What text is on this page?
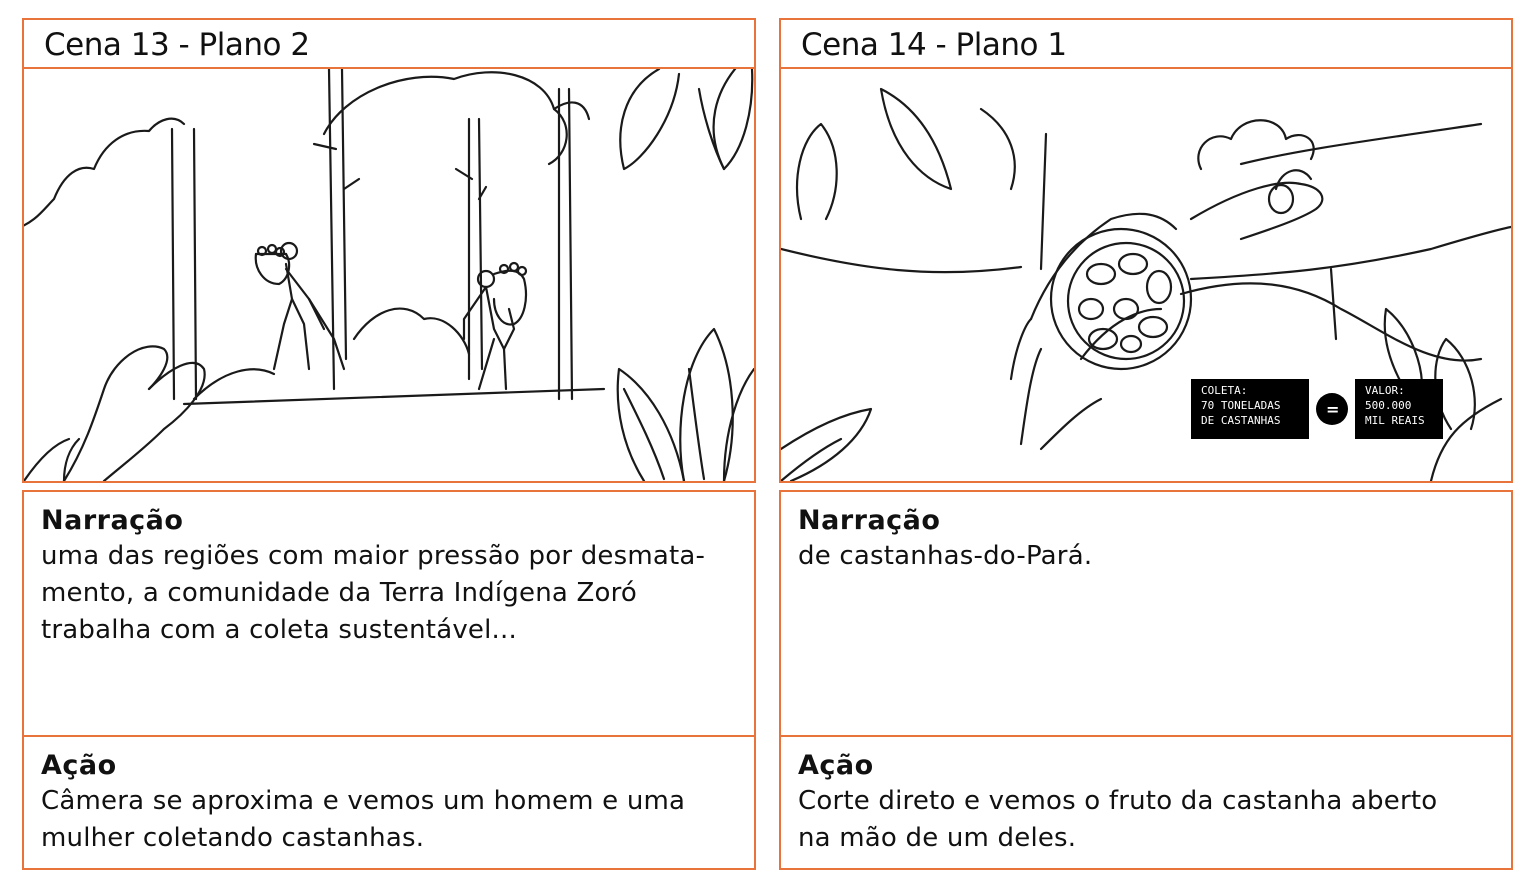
Cena 13 - Plano 2
Narração
uma das regiões com maior pressão por desmata-
mento, a comunidade da Terra Indígena Zoró
trabalha com a coleta sustentável...
Ação
Câmera se aproxima e vemos um homem e uma
mulher coletando castanhas.
Cena 14 - Plano 1
COLETA:
70 TONELADAS
DE CASTANHAS
=
VALOR:
500.000
MIL REAIS
Narração
de castanhas-do-Pará.
Ação
Corte direto e vemos o fruto da castanha aberto
na mão de um deles.
